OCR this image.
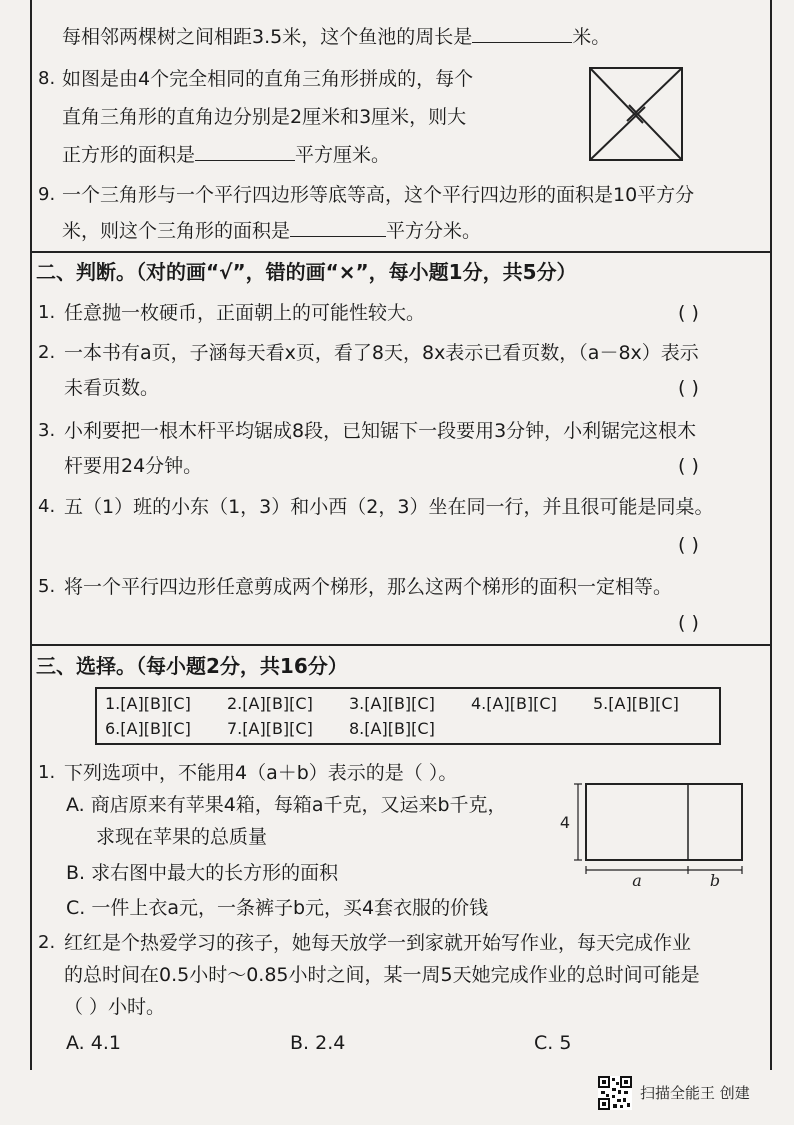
每相邻两棵树之间相距3.5米，这个鱼池的周长是	米。
8. 如图是由4个完全相同的直角三角形拼成的，每个
直角三角形的直角边分别是2厘米和3厘米，则大
正方形的面积是	平方厘米。
9. 一个三角形与一个平行四边形等底等高，这个平行四边形的面积是10平方分
米，则这个三角形的面积是	平方分米。
二、判断。（对的画“√”，错的画“×”，每小题1分，共5分）
1. 任意抛一枚硬币，正面朝上的可能性较大。	( )
2. 一本书有a页，子涵每天看x页，看了8天，8x表示已看页数，（a－8x）表示
未看页数。	( )
3. 小利要把一根木杆平均锯成8段，已知锯下一段要用3分钟，小利锯完这根木
杆要用24分钟。	( )
4. 五（1）班的小东（1，3）和小西（2，3）坐在同一行，并且很可能是同桌。
( )
5. 将一个平行四边形任意剪成两个梯形，那么这两个梯形的面积一定相等。
( )
三、选择。（每小题2分，共16分）
1.[A][B][C] 2.[A][B][C] 3.[A][B][C] 4.[A][B][C] 5.[A][B][C]
6.[A][B][C] 7.[A][B][C] 8.[A][B][C]
1. 下列选项中，不能用4（a＋b）表示的是（ ）。
A. 商店原来有苹果4箱，每箱a千克，又运来b千克，
求现在苹果的总质量
B. 求右图中最大的长方形的面积
C. 一件上衣a元，一条裤子b元，买4套衣服的价钱
4
a	b
2. 红红是个热爱学习的孩子，她每天放学一到家就开始写作业，每天完成作业
的总时间在0.5小时～0.85小时之间，某一周5天她完成作业的总时间可能是
（ ）小时。
A. 4.1	B. 2.4	C. 5
扫描全能王 创建
